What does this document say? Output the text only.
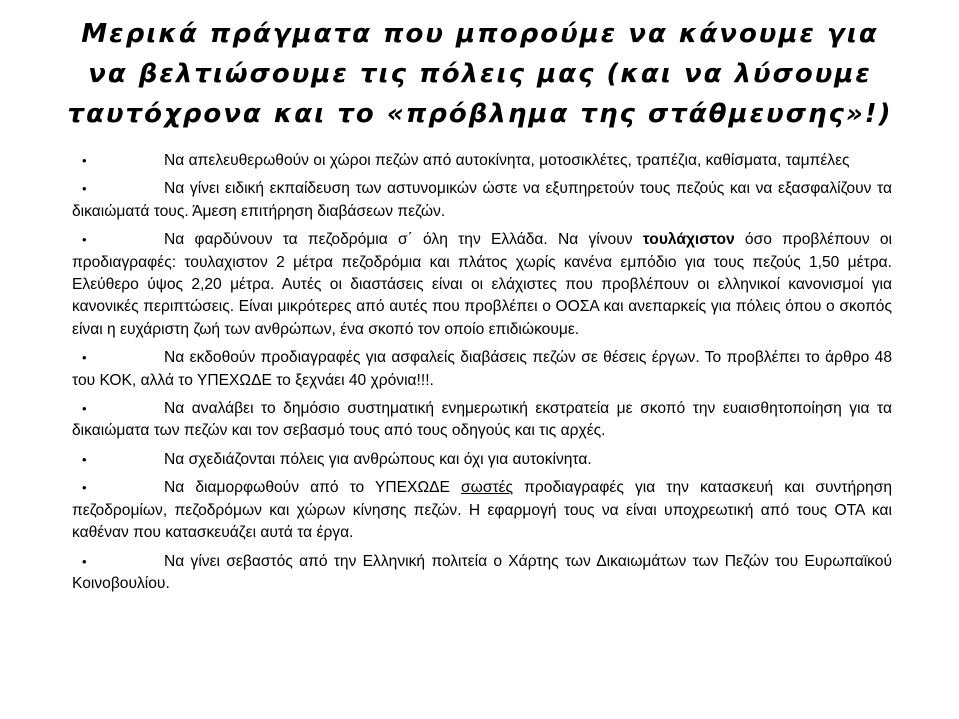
Μερικά πράγματα που μπορούμε να κάνουμε για να βελτιώσουμε τις πόλεις μας (και να λύσουμε ταυτόχρονα και το «πρόβλημα της στάθμευσης»!)
•	Να απελευθερωθούν οι χώροι πεζών από αυτοκίνητα, μοτοσικλέτες, τραπέζια, καθίσματα, ταμπέλες
•	Να γίνει ειδική εκπαίδευση των αστυνομικών ώστε να εξυπηρετούν τους πεζούς και να εξασφαλίζουν τα δικαιώματά τους. Άμεση επιτήρηση διαβάσεων πεζών.
•	Να φαρδύνουν τα πεζοδρόμια σ΄ όλη την Ελλάδα. Να γίνουν τουλάχιστον όσο προβλέπουν οι προδιαγραφές: τουλαχιστον 2 μέτρα πεζοδρόμια και πλάτος χωρίς κανένα εμπόδιο για τους πεζούς 1,50 μέτρα. Ελεύθερο ύψος 2,20 μέτρα. Αυτές οι διαστάσεις είναι οι ελάχιστες που προβλέπουν οι ελληνικοί κανονισμοί για κανονικές περιπτώσεις. Είναι μικρότερες από αυτές που προβλέπει ο ΟΟΣΑ και ανεπαρκείς για πόλεις όπου ο σκοπός είναι η ευχάριστη ζωή των ανθρώπων, ένα σκοπό τον οποίο επιδιώκουμε.
•	Να εκδοθούν προδιαγραφές για ασφαλείς διαβάσεις πεζών σε θέσεις έργων. Το προβλέπει το άρθρο 48 του ΚΟΚ, αλλά το ΥΠΕΧΩΔΕ το ξεχνάει 40 χρόνια!!!.
•	Να αναλάβει το δημόσιο συστηματική ενημερωτική εκστρατεία με σκοπό την ευαισθητοποίηση για τα δικαιώματα των πεζών και τον σεβασμό τους από τους οδηγούς και τις αρχές.
•	Να σχεδιάζονται πόλεις για ανθρώπους και όχι για αυτοκίνητα.
•	Να διαμορφωθούν από το ΥΠΕΧΩΔΕ σωστές προδιαγραφές για την κατασκευή και συντήρηση πεζοδρομίων, πεζοδρόμων και χώρων κίνησης πεζών. Η εφαρμογή τους να είναι υποχρεωτική από τους ΟΤΑ και καθέναν που κατασκευάζει αυτά τα έργα.
•	Να γίνει σεβαστός από την Ελληνική πολιτεία ο Χάρτης των Δικαιωμάτων των Πεζών του Ευρωπαϊκού Κοινοβουλίου.
